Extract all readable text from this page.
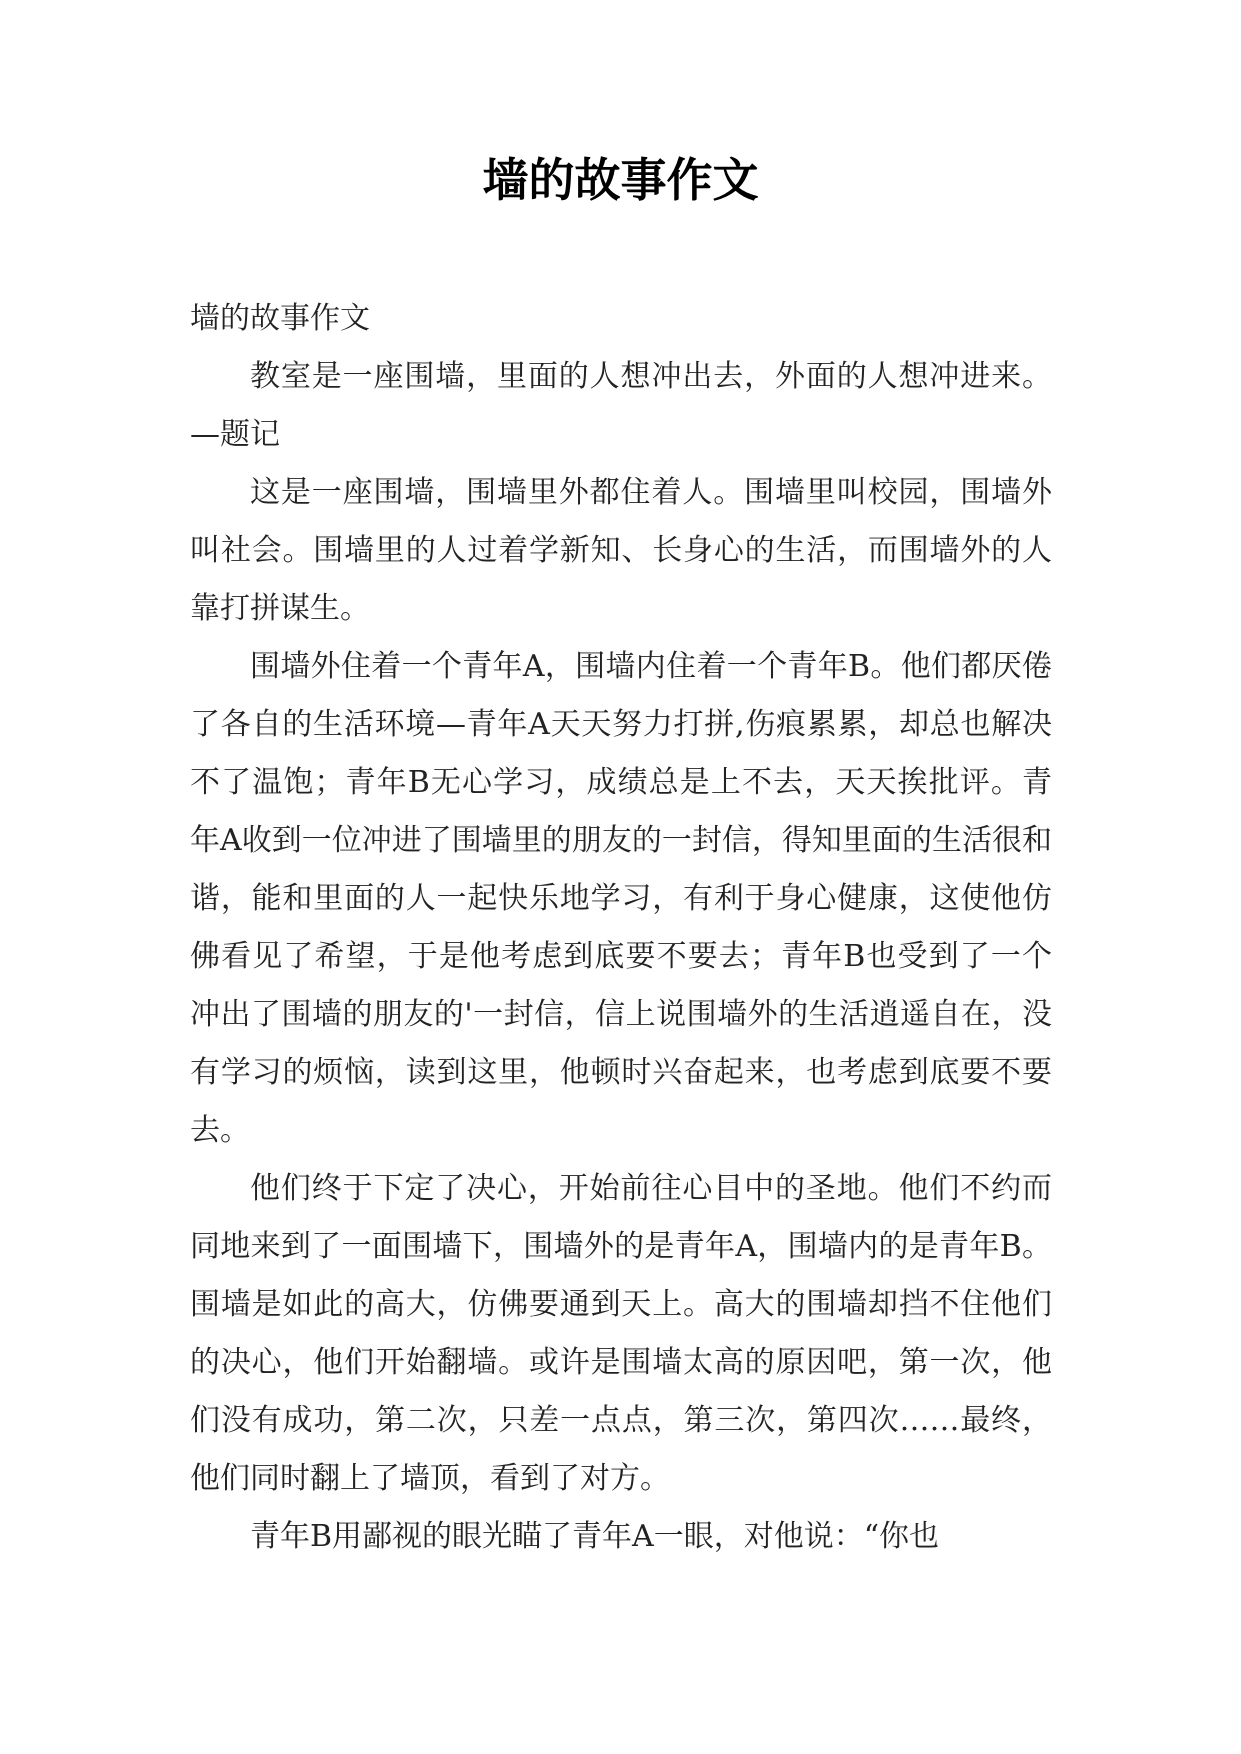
墙的故事作文

墙的故事作文

教室是一座围墙，里面的人想冲出去，外面的人想冲进来。—题记

这是一座围墙，围墙里外都住着人。围墙里叫校园，围墙外叫社会。围墙里的人过着学新知、长身心的生活，而围墙外的人靠打拼谋生。

围墙外住着一个青年A，围墙内住着一个青年B。他们都厌倦了各自的生活环境—青年A天天努力打拼,伤痕累累，却总也解决不了温饱；青年B无心学习，成绩总是上不去，天天挨批评。青年A收到一位冲进了围墙里的朋友的一封信，得知里面的生活很和谐，能和里面的人一起快乐地学习，有利于身心健康，这使他仿佛看见了希望，于是他考虑到底要不要去；青年B也受到了一个冲出了围墙的朋友的'一封信，信上说围墙外的生活逍遥自在，没有学习的烦恼，读到这里，他顿时兴奋起来，也考虑到底要不要去。

他们终于下定了决心，开始前往心目中的圣地。他们不约而同地来到了一面围墙下，围墙外的是青年A，围墙内的是青年B。围墙是如此的高大，仿佛要通到天上。高大的围墙却挡不住他们的决心，他们开始翻墙。或许是围墙太高的原因吧，第一次，他们没有成功，第二次，只差一点点，第三次，第四次……最终，他们同时翻上了墙顶，看到了对方。

青年B用鄙视的眼光瞄了青年A一眼，对他说：“你也
